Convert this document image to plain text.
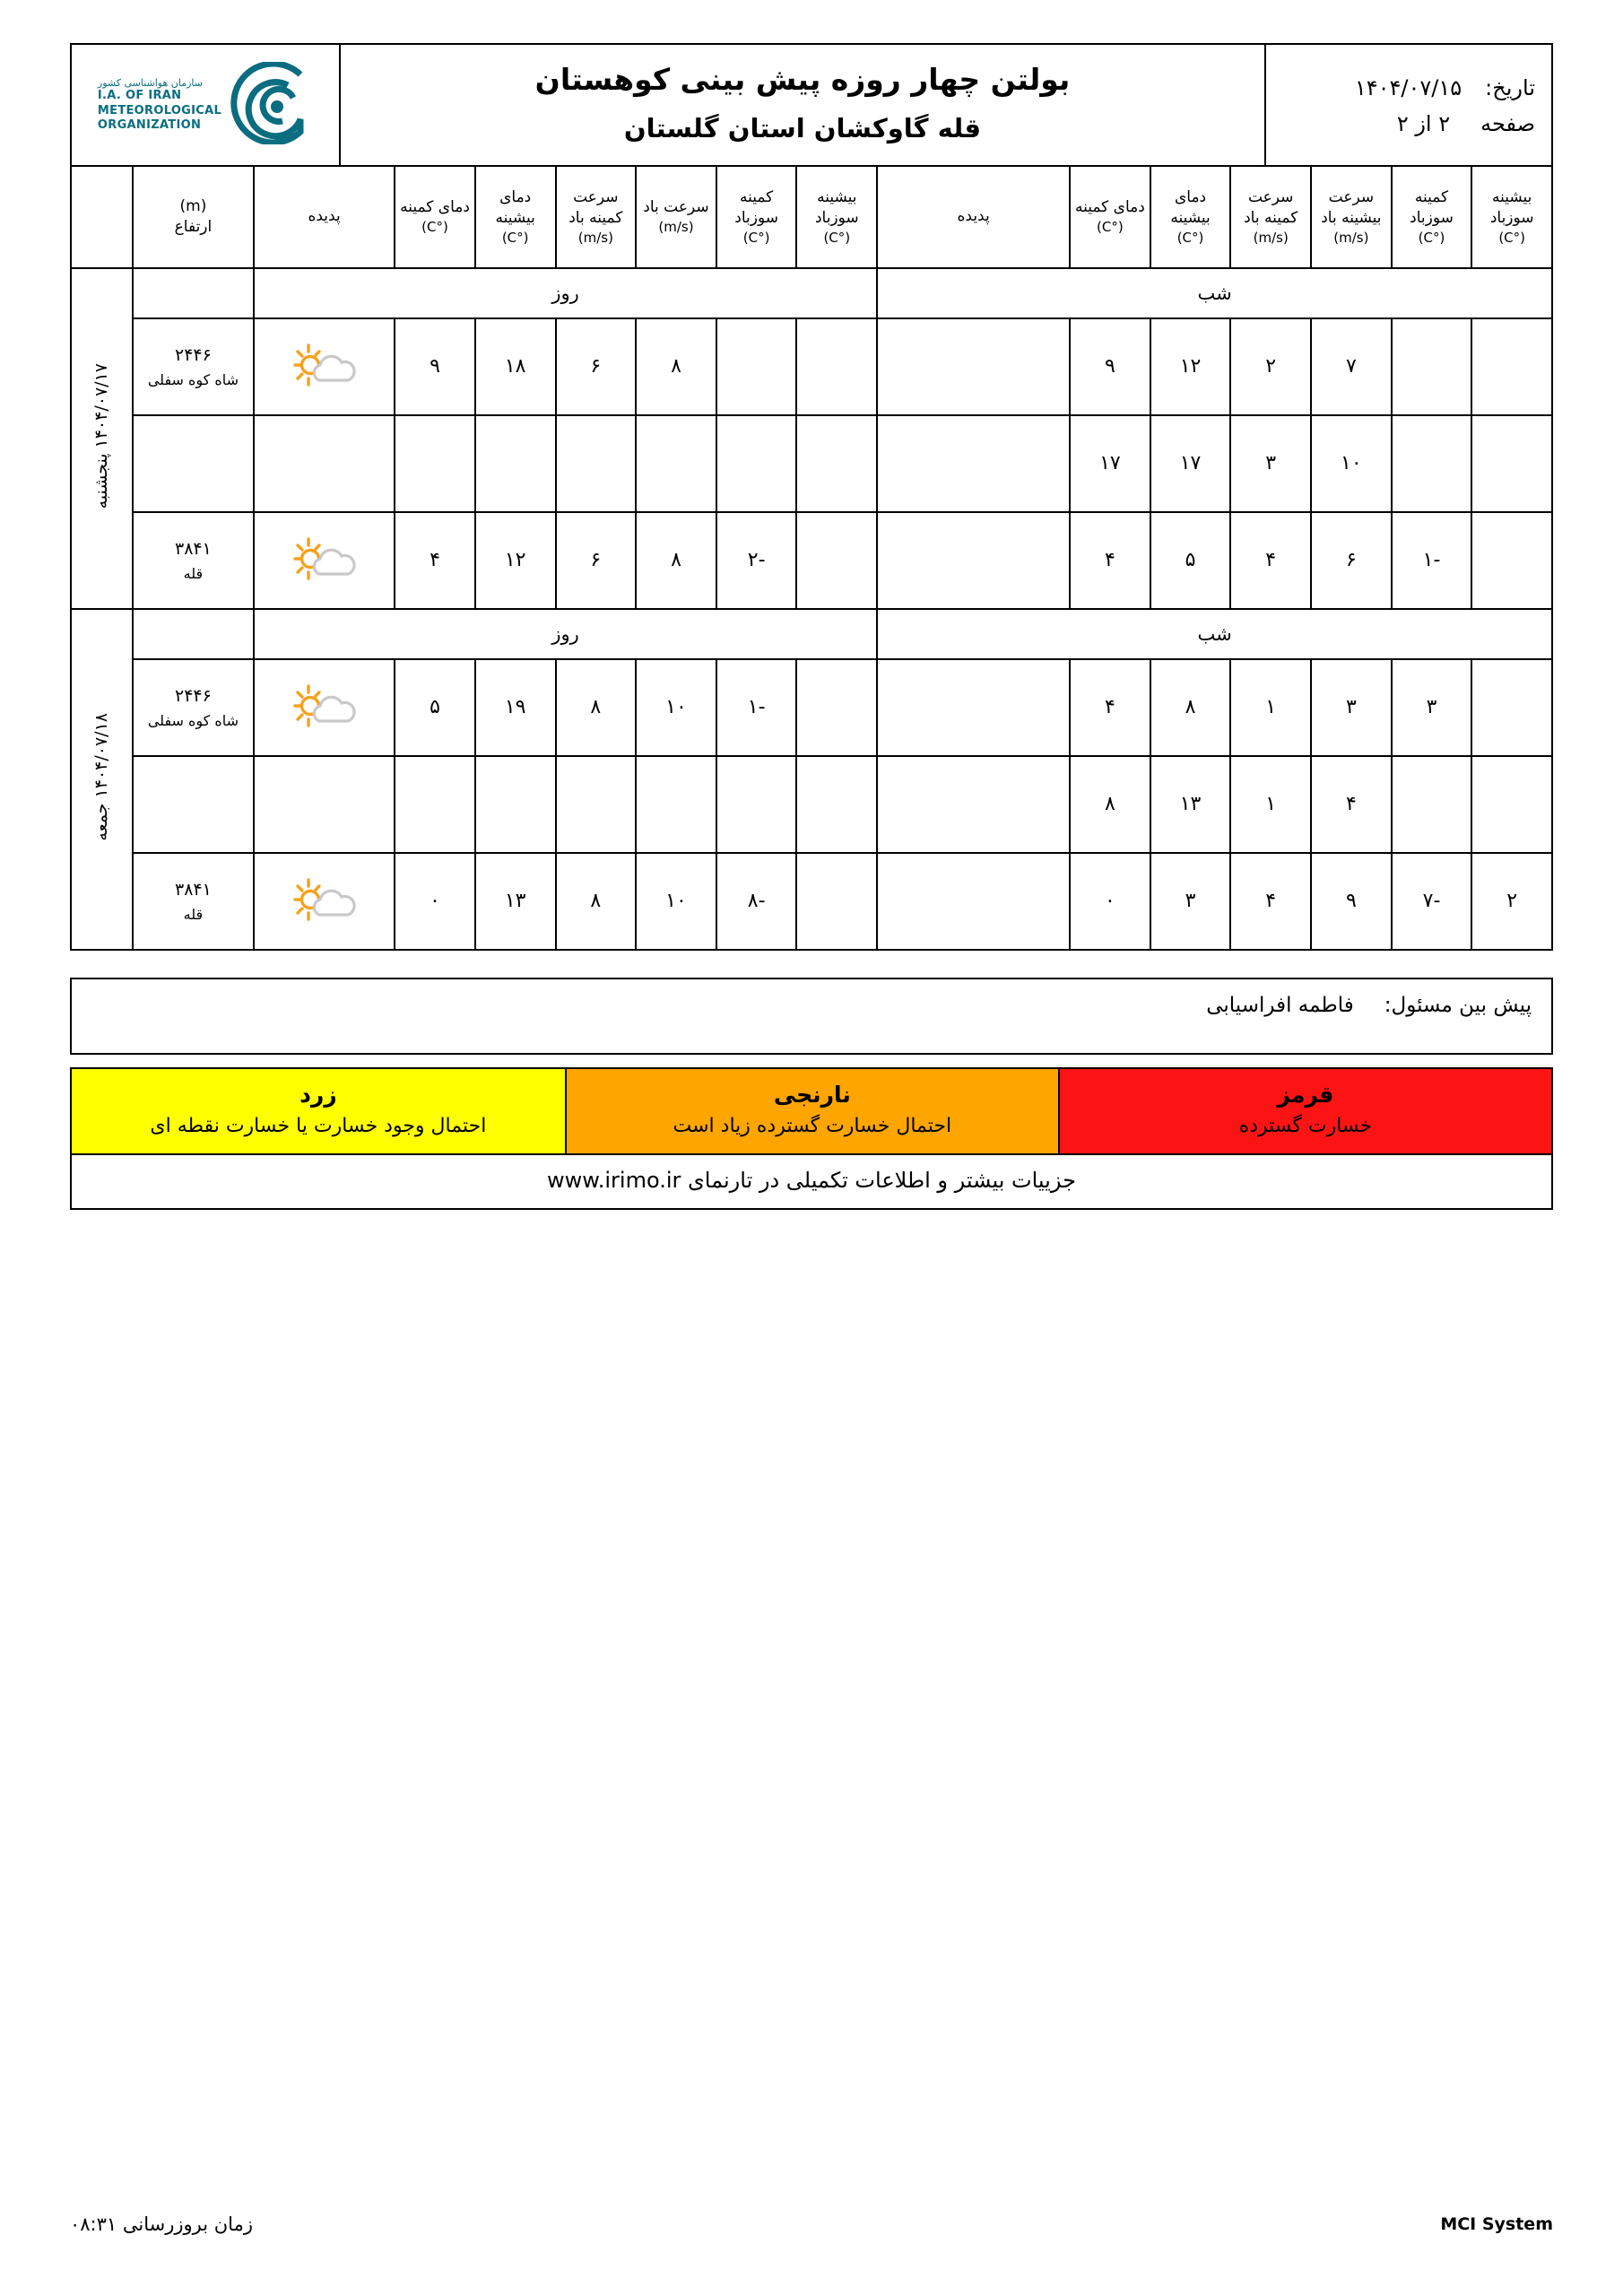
تاریخ:
۱۴۰۴/۰۷/۱۵
صفحه
۲ از ۲

بولتن چهار روزه پیش بینی کوهستان
قله گاوکشان استان گلستان

سازمان هواشناسی کشور
I.A. OF IRAN
METEOROLOGICAL
ORGANIZATION
بیشینه سوزباد
(°C)	کمینه سوزباد
(°C)	سرعت بیشینه باد
(m/s)	سرعت کمینه باد
(m/s)	دمای بیشینه
(°C)	دمای کمینه
(°C)	پدیده	بیشینه سوزباد
(°C)	کمینه سوزباد
(°C)	سرعت باد
(m/s)	سرعت کمینه باد
(m/s)	دمای بیشینه
(°C)	دمای کمینه
(°C)	پدیده	(m)
ارتفاع	

شب							روز								۱۴۰۴/۰۷/۱۷ پنجشنبه
		۷	۲	۱۲	۹				۸	۶	۱۸	۹		۲۴۴۶
شاه کوه سفلی	

		۱۰	۳	۱۷	۱۷										
	-۱	۶	۴	۵	۴			-۲	۸	۶	۱۲	۴		۳۸۴۱
قله	

شب							روز								۱۴۰۴/۰۷/۱۸ جمعه
	۳	۳	۱	۸	۴			-۱	۱۰	۸	۱۹	۵		۲۴۴۶
شاه کوه سفلی	

		۴	۱	۱۳	۸										
۲	-۷	۹	۴	۳	۰			-۸	۱۰	۸	۱۳	۰		۳۸۴۱
قله	
پیش بین مسئول:
فاطمه افراسیابی
قرمز
خسارت گسترده

نارنجی
احتمال خسارت گسترده زیاد است

زرد
احتمال وجود خسارت یا خسارت نقطه ای
جزییات بیشتر و اطلاعات تکمیلی در تارنمای www.irimo.ir
MCI System
زمان بروزرسانی ۰۸:۳۱
